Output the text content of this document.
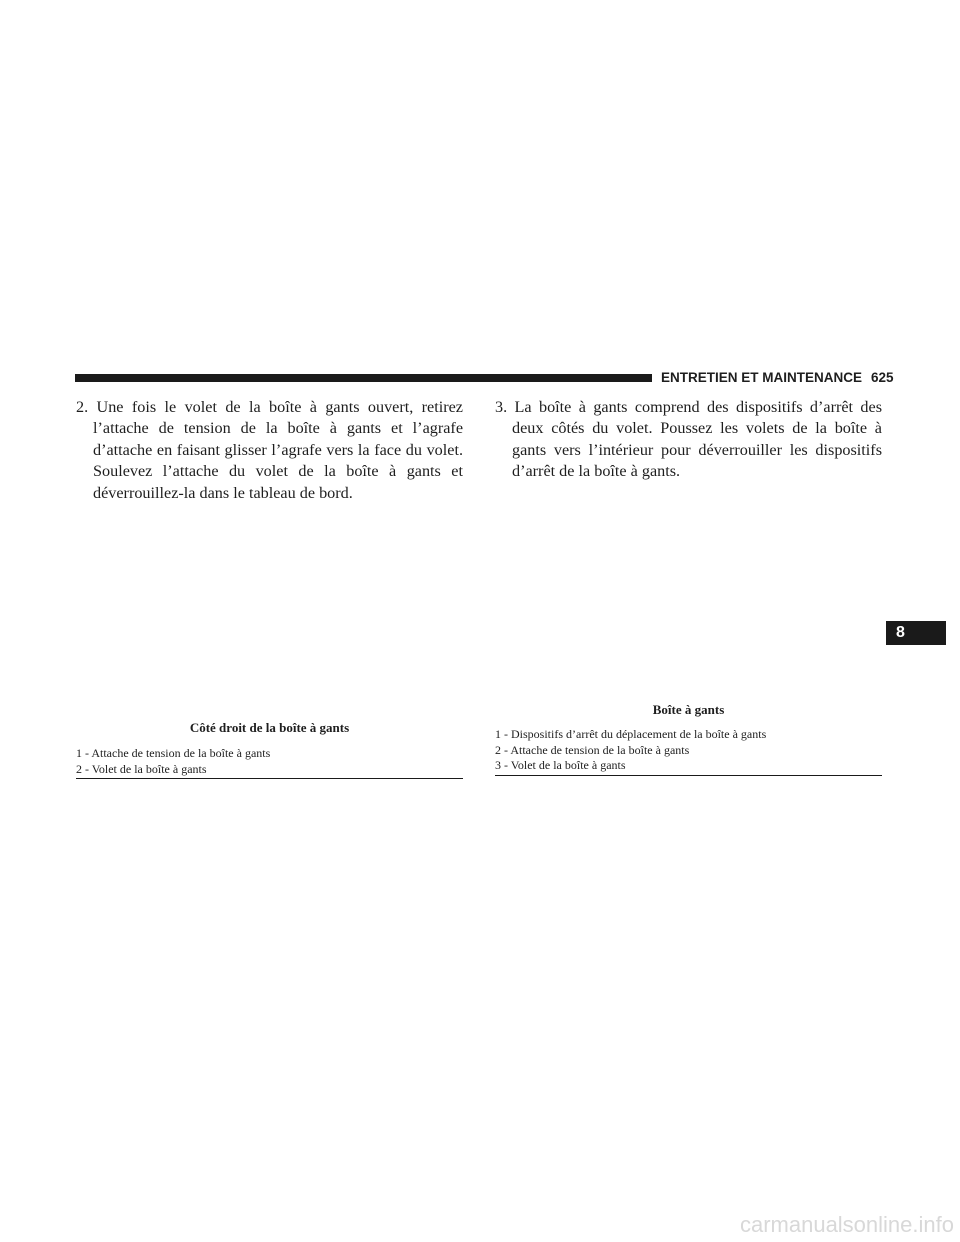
ENTRETIEN ET MAINTENANCE 625
8
2. Une fois le volet de la boîte à gants ouvert, retirez
l’attache de tension de la boîte à gants et l’agrafe
d’attache en faisant glisser l’agrafe vers la face du volet.
Soulevez l’attache du volet de la boîte à gants et
déverrouillez-la dans le tableau de bord.
3. La boîte à gants comprend des dispositifs d’arrêt des
deux côtés du volet. Poussez les volets de la boîte à
gants vers l’intérieur pour déverrouiller les dispositifs
d’arrêt de la boîte à gants.
Côté droit de la boîte à gants
1 - Attache de tension de la boîte à gants
2 - Volet de la boîte à gants
Boîte à gants
1 - Dispositifs d’arrêt du déplacement de la boîte à gants
2 - Attache de tension de la boîte à gants
3 - Volet de la boîte à gants
carmanualsonline.info
